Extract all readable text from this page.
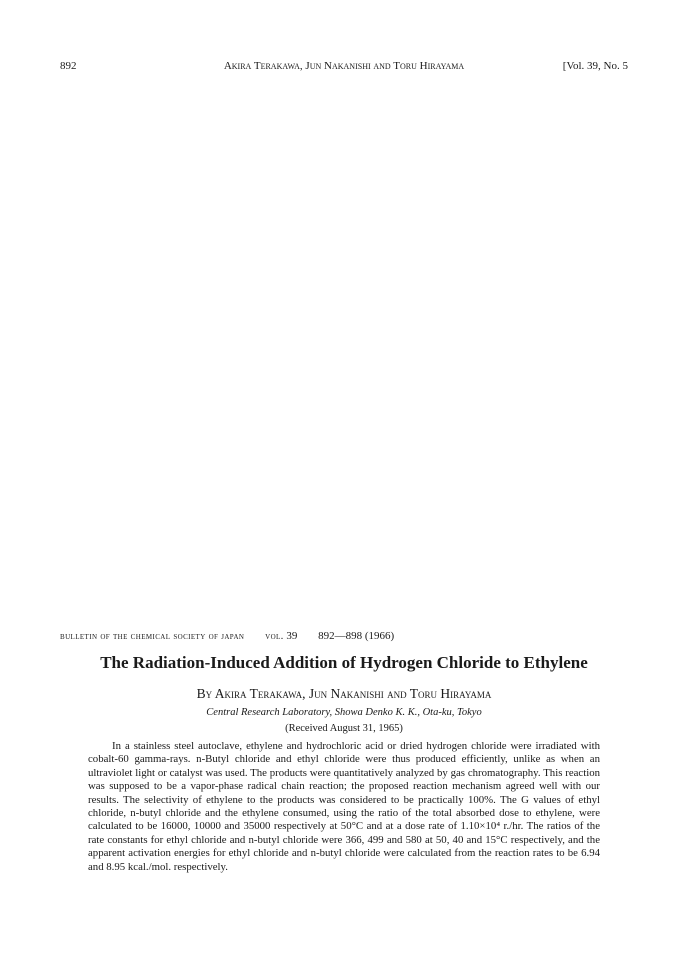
892	Akira Terakawa, Jun Nakanishi and Toru Hirayama	[Vol. 39, No. 5
bulletin of the chemical society of japan vol. 39 892—898 (1966)
The Radiation-Induced Addition of Hydrogen Chloride to Ethylene
By Akira Terakawa, Jun Nakanishi and Toru Hirayama
Central Research Laboratory, Showa Denko K. K., Ota-ku, Tokyo
(Received August 31, 1965)

In a stainless steel autoclave, ethylene and hydrochloric acid or dried hydrogen chloride were irradiated with cobalt-60 gamma-rays. n-Butyl chloride and ethyl chloride were thus produced efficiently, unlike as when an ultraviolet light or catalyst was used. The products were quantitatively analyzed by gas chromatography. This reaction was supposed to be a vapor-phase radical chain reaction; the proposed reaction mechanism agreed well with our results. The selectivity of ethylene to the products was considered to be practically 100%. The G values of ethyl chloride, n-butyl chloride and the ethylene consumed, using the ratio of the total absorbed dose to ethylene, were calculated to be 16000, 10000 and 35000 respectively at 50°C and at a dose rate of 1.10×10⁴ r./hr. The ratios of the rate constants for ethyl chloride and n-butyl chloride were 366, 499 and 580 at 50, 40 and 15°C respectively, and the apparent activation energies for ethyl chloride and n-butyl chloride were calculated from the reaction rates to be 6.94 and 8.95 kcal./mol. respectively.
